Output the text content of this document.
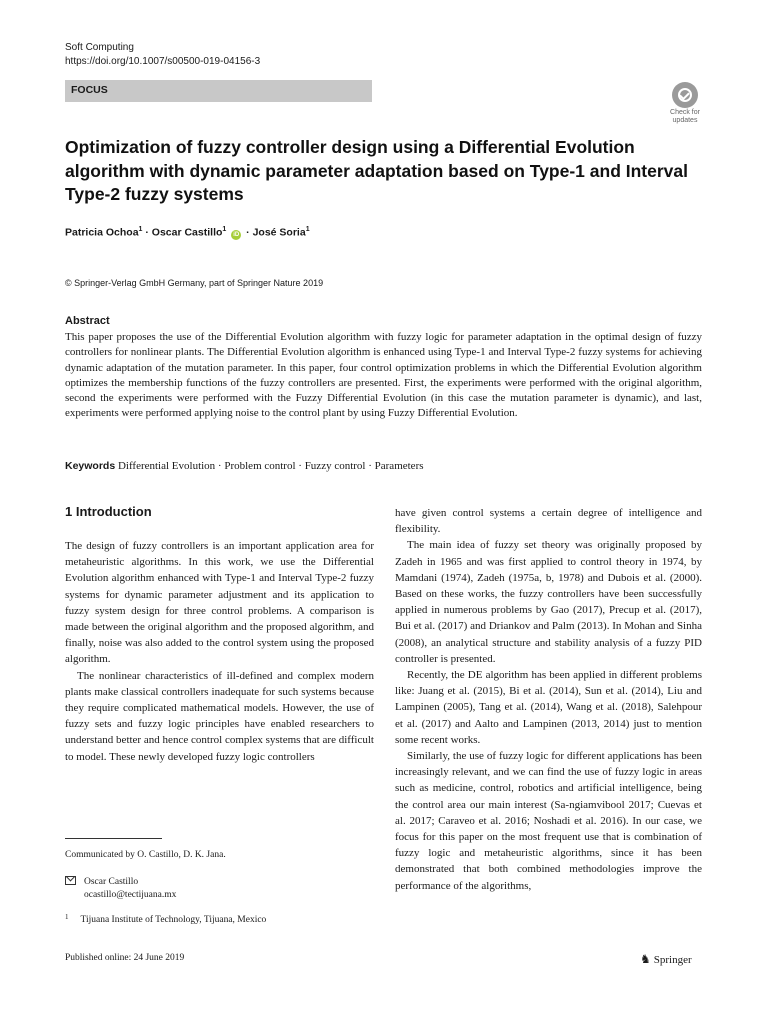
Soft Computing
https://doi.org/10.1007/s00500-019-04156-3
FOCUS
Check for
updates
Optimization of fuzzy controller design using a Differential Evolution algorithm with dynamic parameter adaptation based on Type-1 and Interval Type-2 fuzzy systems
Patricia Ochoa$^1$ · Oscar Castillo$^1$ iD · José Soria$^1$
© Springer-Verlag GmbH Germany, part of Springer Nature 2019
Abstract
This paper proposes the use of the Differential Evolution algorithm with fuzzy logic for parameter adaptation in the optimal design of fuzzy controllers for nonlinear plants. The Differential Evolution algorithm is enhanced using Type-1 and Interval Type-2 fuzzy systems for achieving dynamic adaptation of the mutation parameter. In this paper, four control optimization problems in which the Differential Evolution algorithm optimizes the membership functions of the fuzzy controllers are presented. First, the experiments were performed with the original algorithm, second the experiments were performed with the Fuzzy Differential Evolution (in this case the mutation parameter is dynamic), and last, experiments were performed applying noise to the control plant by using Fuzzy Differential Evolution.
Keywords Differential Evolution · Problem control · Fuzzy control · Parameters
1 Introduction

The design of fuzzy controllers is an important application area for metaheuristic algorithms. In this work, we use the Differential Evolution algorithm enhanced with Type-1 and Interval Type-2 fuzzy systems for dynamic parameter adjustment and its application to fuzzy system design for three control problems. A comparison is made between the original algorithm and the proposed algorithm, and finally, noise was also added to the control system using the proposed algorithm.

The nonlinear characteristics of ill-defined and complex modern plants make classical controllers inadequate for such systems because they require complicated mathematical models. However, the use of fuzzy sets and fuzzy logic principles have enabled researchers to understand better and hence control complex systems that are difficult to model. These newly developed fuzzy logic controllers

have given control systems a certain degree of intelligence and flexibility.

The main idea of fuzzy set theory was originally proposed by Zadeh in 1965 and was first applied to control theory in 1974, by Mamdani (1974), Zadeh (1975a, b, 1978) and Dubois et al. (2000). Based on these works, the fuzzy controllers have been successfully applied in numerous problems by Gao (2017), Precup et al. (2017), Bui et al. (2017) and Driankov and Palm (2013). In Mohan and Sinha (2008), an analytical structure and stability analysis of a fuzzy PID controller is presented.

Recently, the DE algorithm has been applied in different problems like: Juang et al. (2015), Bi et al. (2014), Sun et al. (2014), Liu and Lampinen (2005), Tang et al. (2014), Wang et al. (2018), Salehpour et al. (2017) and Aalto and Lampinen (2013, 2014) just to mention some recent works.

Similarly, the use of fuzzy logic for different applications has been increasingly relevant, and we can find the use of fuzzy logic in areas such as medicine, control, robotics and artificial intelligence, being the control area our main interest (Sa-ngiamvibool 2017; Cuevas et al. 2017; Caraveo et al. 2016; Noshadi et al. 2016). In our case, we focus for this paper on the most frequent use that is combination of fuzzy logic and metaheuristic algorithms, since it has been demonstrated that both combined methodologies improve the performance of the algorithms,

Communicated by O. Castillo, D. K. Jana.
Oscar Castillo
ocastillo@tectijuana.mx
$^1$ Tijuana Institute of Technology, Tijuana, Mexico
Published online: 24 June 2019	♞ Springer
